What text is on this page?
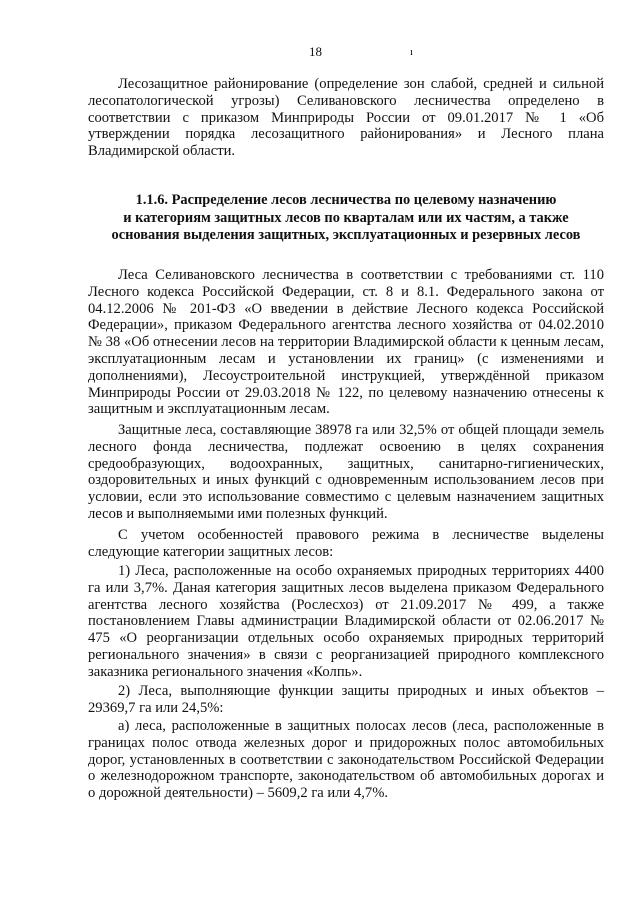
18	ı

Лесозащитное районирование (определение зон слабой, средней и сильной лесопатологической угрозы) Селивановского лесничества определено в соответствии с приказом Минприроды России от 09.01.2017 № 1 «Об утверждении порядка лесозащитного районирования» и Лесного плана Владимирской области.

1.1.6. Распределение лесов лесничества по целевому назначению
и категориям защитных лесов по кварталам или их частям, а также
основания выделения защитных, эксплуатационных и резервных лесов

Леса Селивановского лесничества в соответствии с требованиями ст. 110 Лесного кодекса Российской Федерации, ст. 8 и 8.1. Федерального закона от 04.12.2006 № 201-ФЗ «О введении в действие Лесного кодекса Российской Федерации», приказом Федерального агентства лесного хозяйства от 04.02.2010 № 38 «Об отнесении лесов на территории Владимирской области к ценным лесам, эксплуатационным лесам и установлении их границ» (с изменениями и дополнениями), Лесоустроительной инструкцией, утверждённой приказом Минприроды России от 29.03.2018 № 122, по целевому назначению отнесены к защитным и эксплуатационным лесам.

Защитные леса, составляющие 38978 га или 32,5% от общей площади земель лесного фонда лесничества, подлежат освоению в целях сохранения средообразующих, водоохранных, защитных, санитарно-гигиенических, оздоровительных и иных функций с одновременным использованием лесов при условии, если это использование совместимо с целевым назначением защитных лесов и выполняемыми ими полезных функций.

С учетом особенностей правового режима в лесничестве выделены следующие категории защитных лесов:

1) Леса, расположенные на особо охраняемых природных территориях 4400 га или 3,7%. Даная категория защитных лесов выделена приказом Федерального агентства лесного хозяйства (Рослесхоз) от 21.09.2017 № 499, а также постановлением Главы администрации Владимирской области от 02.06.2017 № 475 «О реорганизации отдельных особо охраняемых природных территорий регионального значения» в связи с реорганизацией природного комплексного заказника регионального значения «Колпь».

2) Леса, выполняющие функции защиты природных и иных объектов – 29369,7 га или 24,5%:

а) леса, расположенные в защитных полосах лесов (леса, расположенные в границах полос отвода железных дорог и придорожных полос автомобильных дорог, установленных в соответствии с законодательством Российской Федерации о железнодорожном транспорте, законодательством об автомобильных дорогах и о дорожной деятельности) – 5609,2 га или 4,7%.
